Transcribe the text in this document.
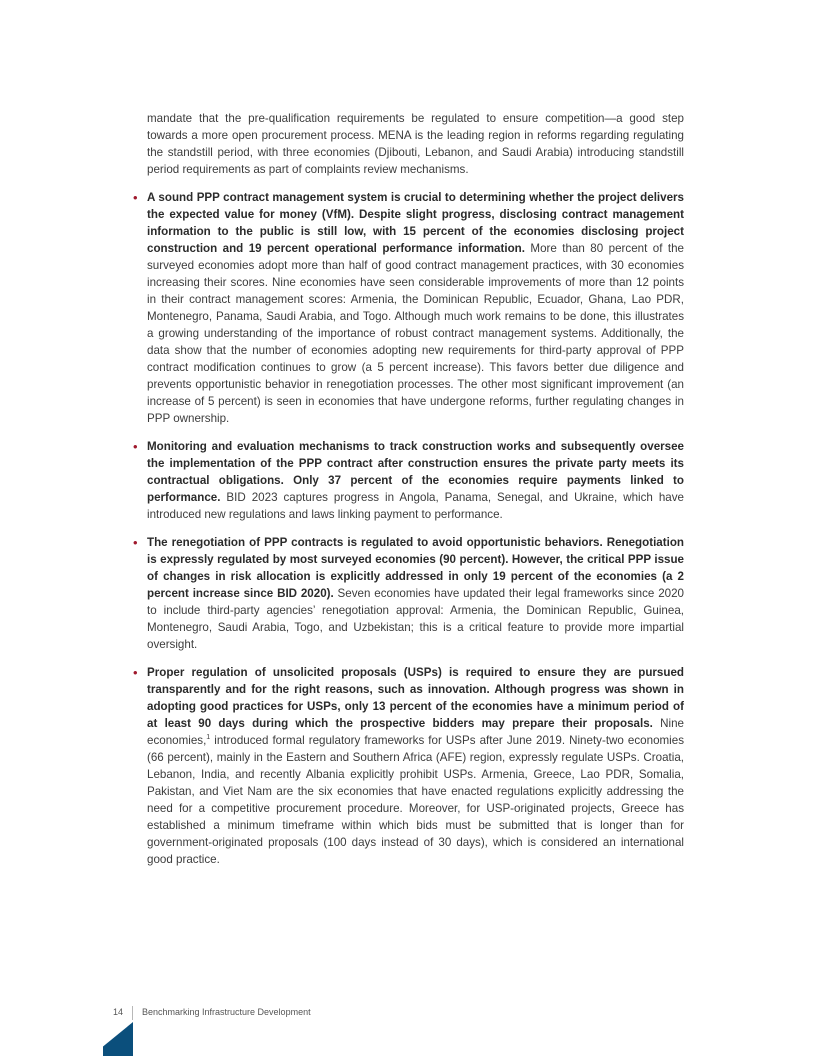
mandate that the pre-qualification requirements be regulated to ensure competition—a good step towards a more open procurement process. MENA is the leading region in reforms regarding regulating the standstill period, with three economies (Djibouti, Lebanon, and Saudi Arabia) introducing standstill period requirements as part of complaints review mechanisms.

• A sound PPP contract management system is crucial to determining whether the project delivers the expected value for money (VfM). Despite slight progress, disclosing contract management information to the public is still low, with 15 percent of the economies disclosing project construction and 19 percent operational performance information. More than 80 percent of the surveyed economies adopt more than half of good contract management practices, with 30 economies increasing their scores. Nine economies have seen considerable improvements of more than 12 points in their contract management scores: Armenia, the Dominican Republic, Ecuador, Ghana, Lao PDR, Montenegro, Panama, Saudi Arabia, and Togo. Although much work remains to be done, this illustrates a growing understanding of the importance of robust contract management systems. Additionally, the data show that the number of economies adopting new requirements for third-party approval of PPP contract modification continues to grow (a 5 percent increase). This favors better due diligence and prevents opportunistic behavior in renegotiation processes. The other most significant improvement (an increase of 5 percent) is seen in economies that have undergone reforms, further regulating changes in PPP ownership.

• Monitoring and evaluation mechanisms to track construction works and subsequently oversee the implementation of the PPP contract after construction ensures the private party meets its contractual obligations. Only 37 percent of the economies require payments linked to performance. BID 2023 captures progress in Angola, Panama, Senegal, and Ukraine, which have introduced new regulations and laws linking payment to performance.

• The renegotiation of PPP contracts is regulated to avoid opportunistic behaviors. Renegotiation is expressly regulated by most surveyed economies (90 percent). However, the critical PPP issue of changes in risk allocation is explicitly addressed in only 19 percent of the economies (a 2 percent increase since BID 2020). Seven economies have updated their legal frameworks since 2020 to include third-party agencies’ renegotiation approval: Armenia, the Dominican Republic, Guinea, Montenegro, Saudi Arabia, Togo, and Uzbekistan; this is a critical feature to provide more impartial oversight.

• Proper regulation of unsolicited proposals (USPs) is required to ensure they are pursued transparently and for the right reasons, such as innovation. Although progress was shown in adopting good practices for USPs, only 13 percent of the economies have a minimum period of at least 90 days during which the prospective bidders may prepare their proposals. Nine economies,$^1$ introduced formal regulatory frameworks for USPs after June 2019. Ninety-two economies (66 percent), mainly in the Eastern and Southern Africa (AFE) region, expressly regulate USPs. Croatia, Lebanon, India, and recently Albania explicitly prohibit USPs. Armenia, Greece, Lao PDR, Somalia, Pakistan, and Viet Nam are the six economies that have enacted regulations explicitly addressing the need for a competitive procurement procedure. Moreover, for USP-originated projects, Greece has established a minimum timeframe within which bids must be submitted that is longer than for government-originated proposals (100 days instead of 30 days), which is considered an international good practice.

14 Benchmarking Infrastructure Development
